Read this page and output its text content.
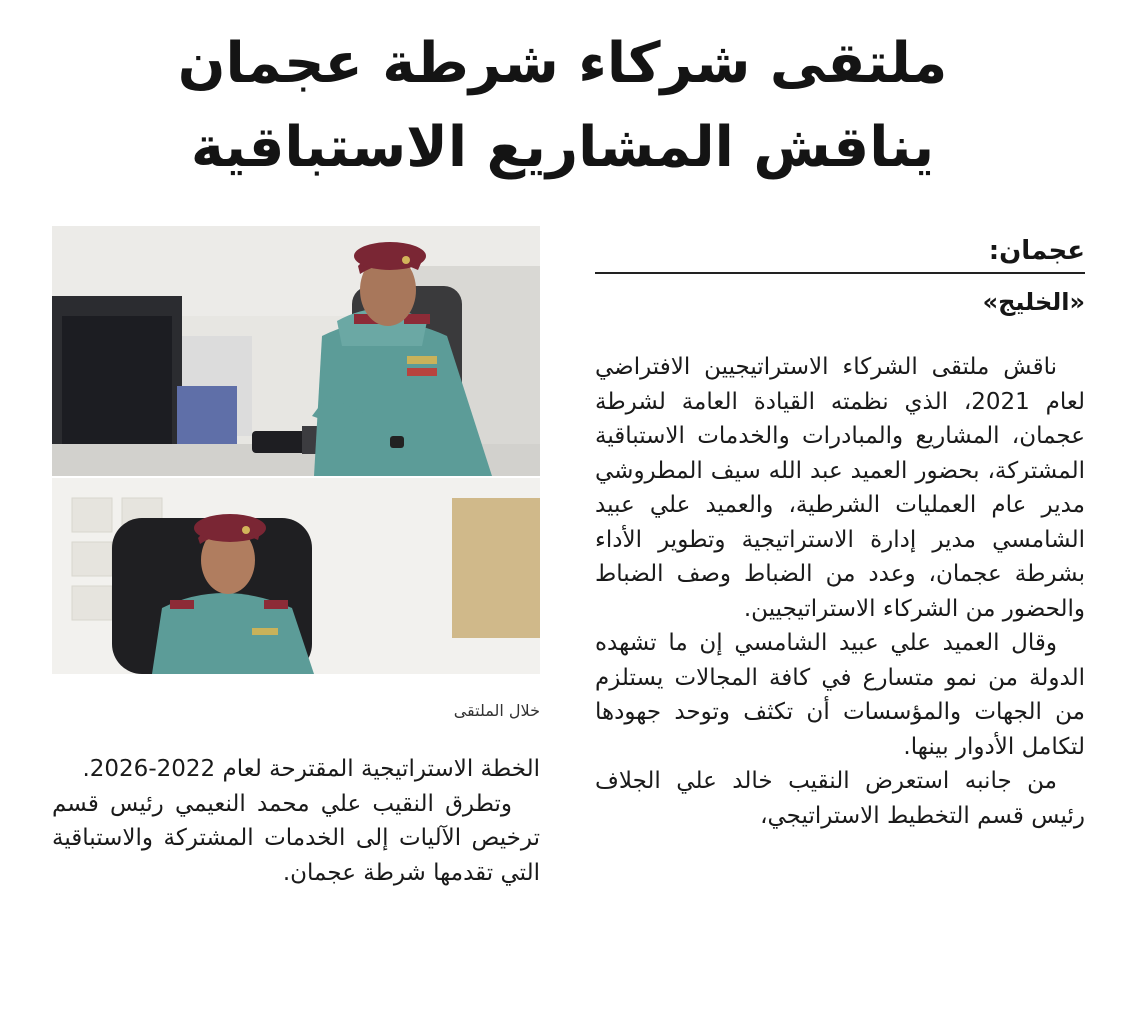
ملتقى شركاء شرطة عجمان
يناقش المشاريع الاستباقية
عجمان:
«الخليج»

ناقش ملتقى الشركاء الاستراتيجيين الافتراضي لعام 2021، الذي نظمته القيادة العامة لشرطة عجمان، المشاريع والمبادرات والخدمات الاستباقية المشتركة، بحضور العميد عبد الله سيف المطروشي مدير عام العمليات الشرطية، والعميد علي عبيد الشامسي مدير إدارة الاستراتيجية وتطوير الأداء بشرطة عجمان، وعدد من الضباط وصف الضباط والحضور من الشركاء الاستراتيجيين.

وقال العميد علي عبيد الشامسي إن ما تشهده الدولة من نمو متسارع في كافة المجالات يستلزم من الجهات والمؤسسات أن تكثف وتوحد جهودها لتكامل الأدوار بينها.

من جانبه استعرض النقيب خالد علي الجلاف رئيس قسم التخطيط الاستراتيجي،

خلال الملتقى

الخطة الاستراتيجية المقترحة لعام 2022-2026.

وتطرق النقيب علي محمد النعيمي رئيس قسم ترخيص الآليات إلى الخدمات المشتركة والاستباقية التي تقدمها شرطة عجمان.
